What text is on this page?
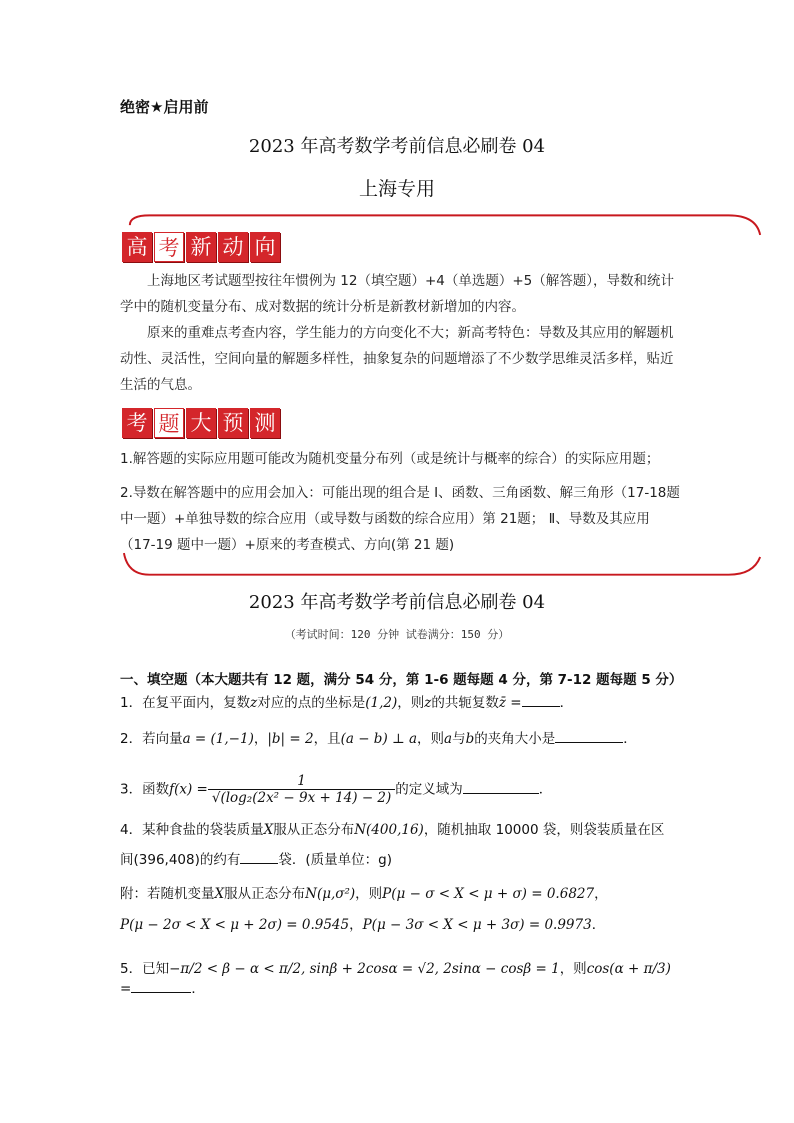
绝密★启用前
2023 年高考数学考前信息必刷卷 04
上海专用
高 考 新 动 向
上海地区考试题型按往年惯例为 12（填空题）+4（单选题）+5（解答题），导数和统计学中的随机变量分布、成对数据的统计分析是新教材新增加的内容。
原来的重难点考查内容，学生能力的方向变化不大；新高考特色：导数及其应用的解题机动性、灵活性，空间向量的解题多样性，抽象复杂的问题增添了不少数学思维灵活多样，贴近生活的气息。
考 题 大 预 测
1.解答题的实际应用题可能改为随机变量分布列（或是统计与概率的综合）的实际应用题；
2.导数在解答题中的应用会加入：可能出现的组合是 Ⅰ、函数、三角函数、解三角形（17-18题中一题）+单独导数的综合应用（或导数与函数的综合应用）第 21题； Ⅱ、导数及其应用（17-19 题中一题）+原来的考查模式、方向(第 21 题)
2023 年高考数学考前信息必刷卷 04
（考试时间：120 分钟 试卷满分：150 分）
一、填空题（本大题共有 12 题，满分 54 分，第 1-6 题每题 4 分，第 7-12 题每题 5 分）
1．在复平面内，复数z对应的点的坐标是(1,2)，则z的共轭复数z̄ =	．
2．若向量a = (1,−1)，|b| = 2，且(a − b) ⊥ a，则a与b的夹角大小是	．
3．函数$f(x) = \frac{1}{\text{√(log₂(2x² − 9x + 14) − 2)}}$ 的定义域为	．
4．某种食盐的袋装质量X服从正态分布N(400,16)，随机抽取 10000 袋，则袋装质量在区
间(396,408)的约有	袋．(质量单位：g)
附：若随机变量X服从正态分布N(μ,σ²)，则P(μ − σ < X < μ + σ) = 0.6827，
P(μ − 2σ < X < μ + 2σ) = 0.9545，P(μ − 3σ < X < μ + 3σ) = 0.9973．
5．已知−π/2 < β − α < π/2, sinβ + 2cosα = √2, 2sinα − cosβ = 1，则cos(α + π/3) =	．
